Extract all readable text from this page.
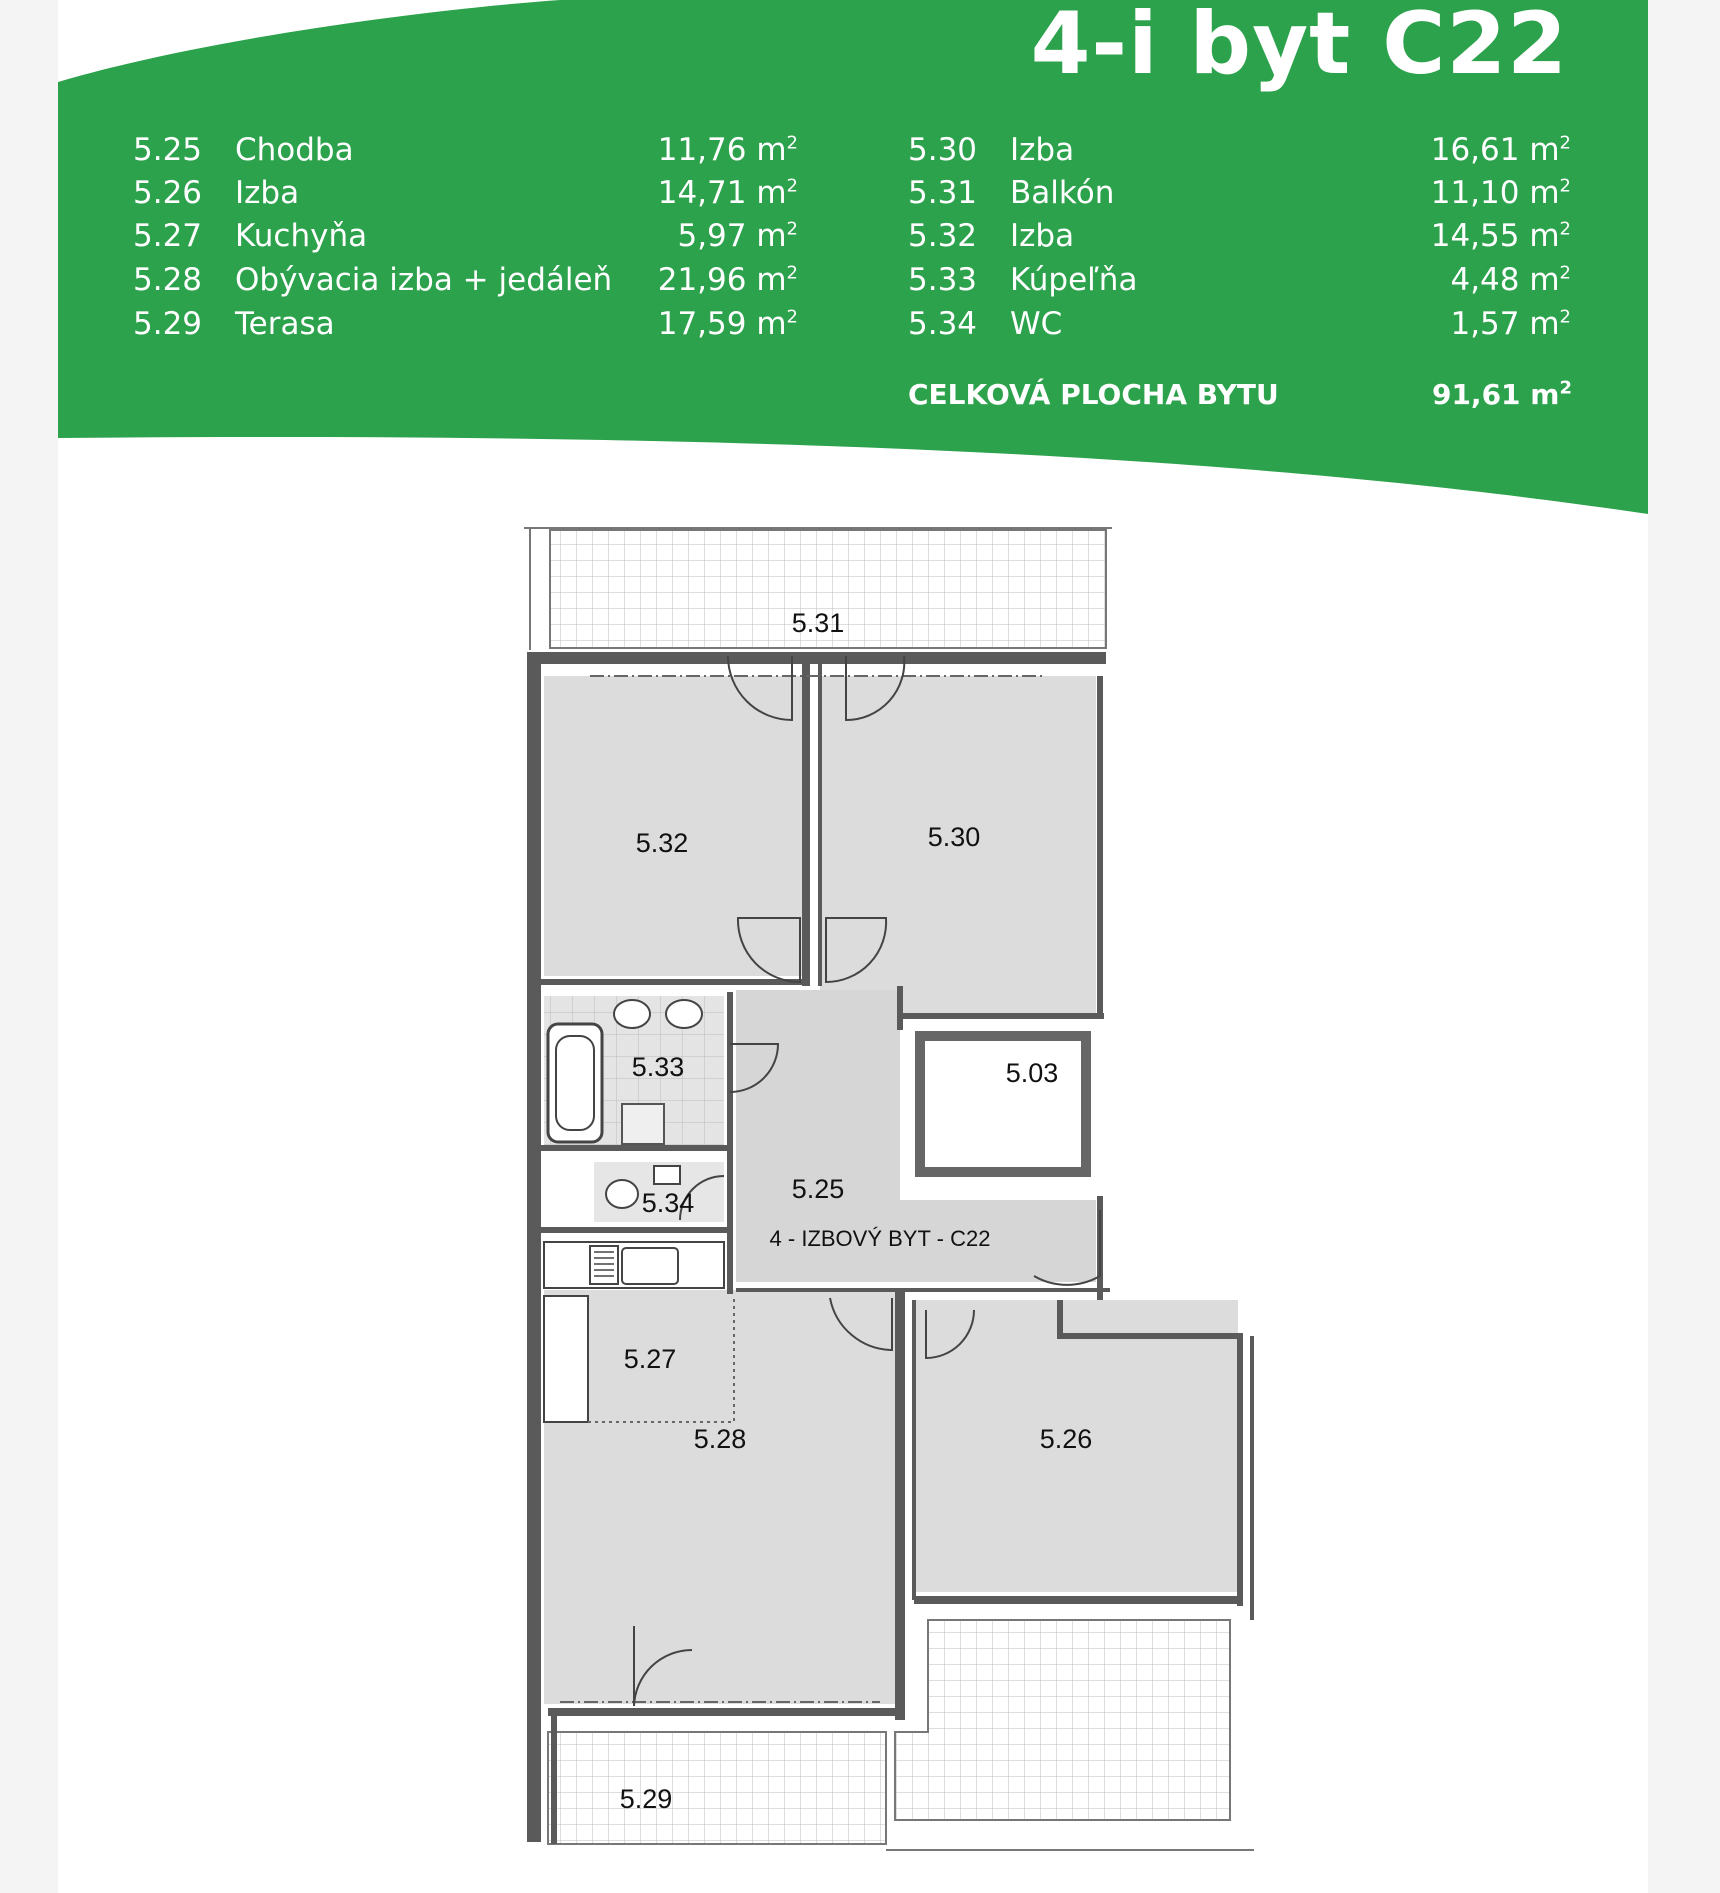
4-i byt C22
5.25 Chodba	11,76 $m^2$
5.26 Izba	14,71 $m^2$
5.27 Kuchyňa	5,97 $m^2$
5.28 Obývacia izba + jedáleň 21,96 $m^2$
5.29 Terasa	17,59 $m^2$
5.30 Izba	16,61 $m^2$
5.31 Balkón	11,10 $m^2$
5.32 Izba	14,55 $m^2$
5.33 Kúpeľňa	4,48 $m^2$
5.34 WC	1,57 $m^2$
CELKOVÁ PLOCHA BYTU	91,61 $m^2$
5.31
5.32	5.30
5.33	5.03
5.25
5.34
4 - IZBOVÝ BYT - C22
5.27
5.28	5.26
5.29
